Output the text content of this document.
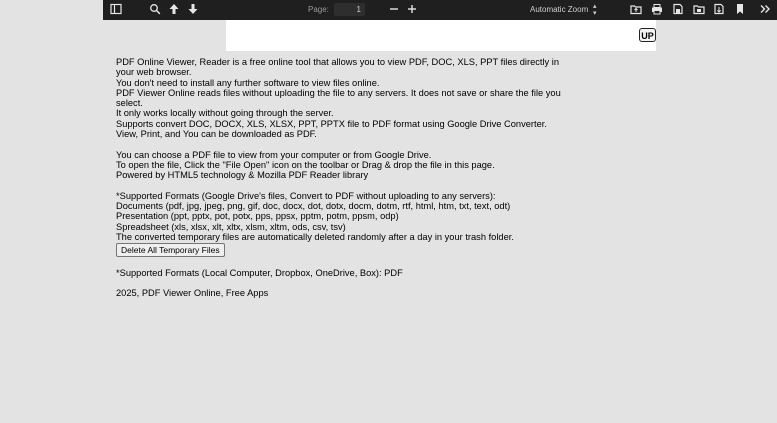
Page:
1	Automatic Zoom ▴
▾
UP

PDF Online Viewer, Reader is a free online tool that allows you to view PDF, DOC, XLS, PPT files directly in your web browser.

You don't need to install any further software to view files online.

PDF Viewer Online reads files without uploading the file to any servers. It does not save or share the file you select.

It only works locally without going through the server.

Supports convert DOC, DOCX, XLS, XLSX, PPT, PPTX file to PDF format using Google Drive Converter.

View, Print, and You can be downloaded as PDF.

You can choose a PDF file to view from your computer or from Google Drive.

To open the file, Click the "File Open" icon on the toolbar or Drag & drop the file in this page.

Powered by HTML5 technology & Mozilla PDF Reader library

*Supported Formats (Google Drive's files, Convert to PDF without uploading to any servers):

Documents (pdf, jpg, jpeg, png, gif, doc, docx, dot, dotx, docm, dotm, rtf, html, htm, txt, text, odt)

Presentation (ppt, pptx, pot, potx, pps, ppsx, pptm, potm, ppsm, odp)

Spreadsheet (xls, xlsx, xlt, xltx, xlsm, xltm, ods, csv, tsv)

The converted temporary files are automatically deleted randomly after a day in your trash folder.

Delete All Temporary Files

*Supported Formats (Local Computer, Dropbox, OneDrive, Box): PDF

2025, PDF Viewer Online, Free Apps
